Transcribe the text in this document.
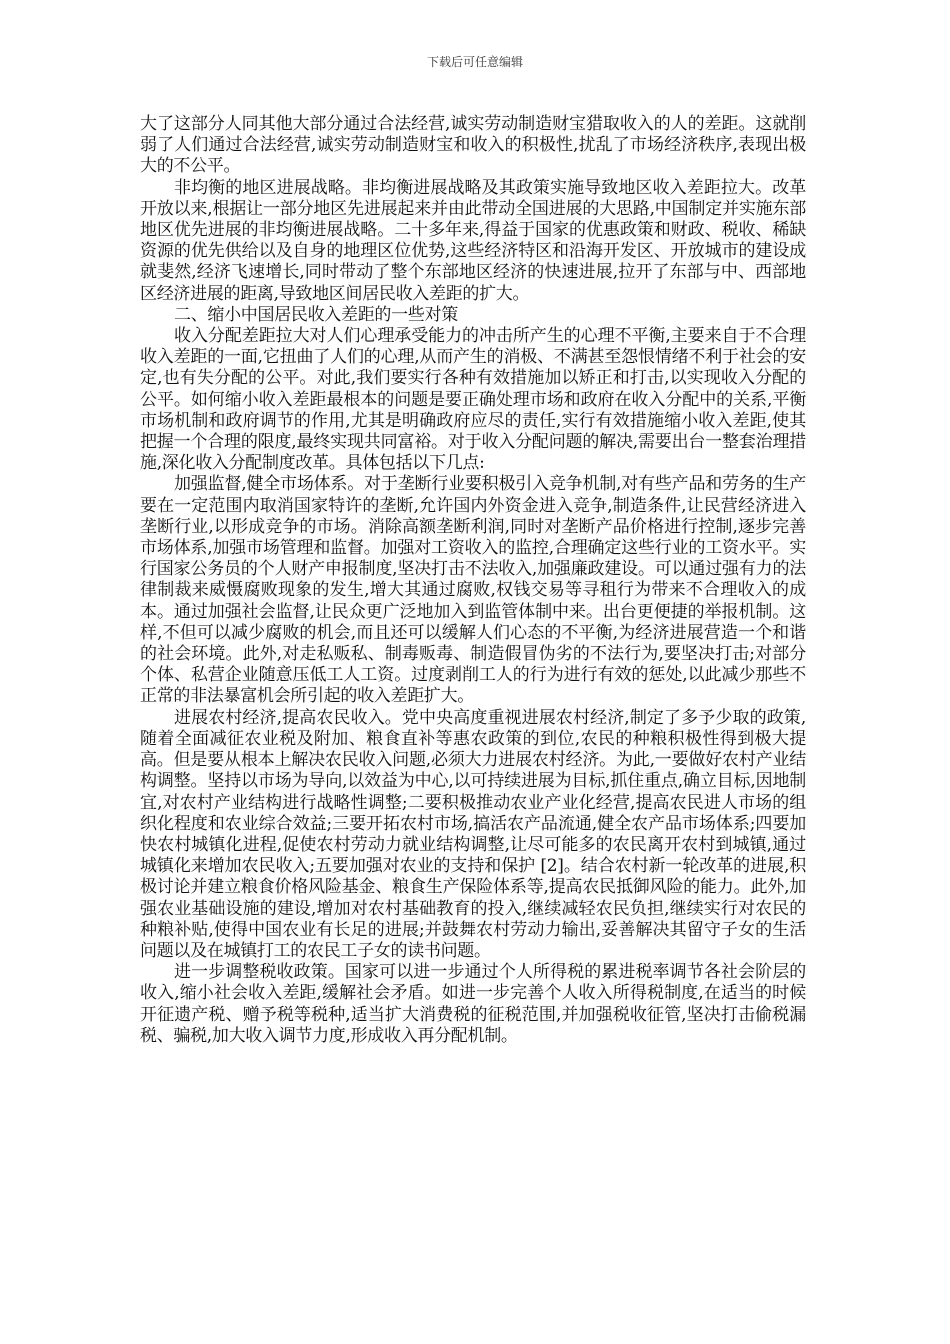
下载后可任意编辑

大了这部分人同其他大部分通过合法经营,诚实劳动制造财宝猎取收入的人的差距。这就削弱了人们通过合法经营,诚实劳动制造财宝和收入的积极性,扰乱了市场经济秩序,表现出极大的不公平。

非均衡的地区进展战略。非均衡进展战略及其政策实施导致地区收入差距拉大。改革开放以来,根据让一部分地区先进展起来并由此带动全国进展的大思路,中国制定并实施东部地区优先进展的非均衡进展战略。二十多年来,得益于国家的优惠政策和财政、税收、稀缺资源的优先供给以及自身的地理区位优势,这些经济特区和沿海开发区、开放城市的建设成就斐然,经济飞速增长,同时带动了整个东部地区经济的快速进展,拉开了东部与中、西部地区经济进展的距离,导致地区间居民收入差距的扩大。

二、缩小中国居民收入差距的一些对策

收入分配差距拉大对人们心理承受能力的冲击所产生的心理不平衡,主要来自于不合理收入差距的一面,它扭曲了人们的心理,从而产生的消极、不满甚至怨恨情绪不利于社会的安定,也有失分配的公平。对此,我们要实行各种有效措施加以矫正和打击,以实现收入分配的公平。如何缩小收入差距最根本的问题是要正确处理市场和政府在收入分配中的关系,平衡市场机制和政府调节的作用,尤其是明确政府应尽的责任,实行有效措施缩小收入差距,使其把握一个合理的限度,最终实现共同富裕。对于收入分配问题的解决,需要出台一整套治理措施,深化收入分配制度改革。具体包括以下几点:

加强监督,健全市场体系。对于垄断行业要积极引入竞争机制,对有些产品和劳务的生产要在一定范围内取消国家特许的垄断,允许国内外资金进入竞争,制造条件,让民营经济进入垄断行业,以形成竞争的市场。消除高额垄断利润,同时对垄断产品价格进行控制,逐步完善市场体系,加强市场管理和监督。加强对工资收入的监控,合理确定这些行业的工资水平。实行国家公务员的个人财产申报制度,坚决打击不法收入,加强廉政建设。可以通过强有力的法律制裁来威慑腐败现象的发生,增大其通过腐败,权钱交易等寻租行为带来不合理收入的成本。通过加强社会监督,让民众更广泛地加入到监管体制中来。出台更便捷的举报机制。这样,不但可以减少腐败的机会,而且还可以缓解人们心态的不平衡,为经济进展营造一个和谐的社会环境。此外,对走私贩私、制毒贩毒、制造假冒伪劣的不法行为,要坚决打击;对部分个体、私营企业随意压低工人工资。过度剥削工人的行为进行有效的惩处,以此减少那些不正常的非法暴富机会所引起的收入差距扩大。

进展农村经济,提高农民收入。党中央高度重视进展农村经济,制定了多予少取的政策,随着全面减征农业税及附加、粮食直补等惠农政策的到位,农民的种粮积极性得到极大提高。但是要从根本上解决农民收入问题,必须大力进展农村经济。为此,一要做好农村产业结构调整。坚持以市场为导向,以效益为中心,以可持续进展为目标,抓住重点,确立目标,因地制宜,对农村产业结构进行战略性调整;二要积极推动农业产业化经营,提高农民进人市场的组织化程度和农业综合效益;三要开拓农村市场,搞活农产品流通,健全农产品市场体系;四要加快农村城镇化进程,促使农村劳动力就业结构调整,让尽可能多的农民离开农村到城镇,通过城镇化来增加农民收入;五要加强对农业的支持和保护 [2]。结合农村新一轮改革的进展,积极讨论并建立粮食价格风险基金、粮食生产保险体系等,提高农民抵御风险的能力。此外,加强农业基础设施的建设,增加对农村基础教育的投入,继续减轻农民负担,继续实行对农民的种粮补贴,使得中国农业有长足的进展;并鼓舞农村劳动力输出,妥善解决其留守子女的生活问题以及在城镇打工的农民工子女的读书问题。

进一步调整税收政策。国家可以进一步通过个人所得税的累进税率调节各社会阶层的收入,缩小社会收入差距,缓解社会矛盾。如进一步完善个人收入所得税制度,在适当的时候开征遗产税、赠予税等税种,适当扩大消费税的征税范围,并加强税收征管,坚决打击偷税漏税、骗税,加大收入调节力度,形成收入再分配机制。
